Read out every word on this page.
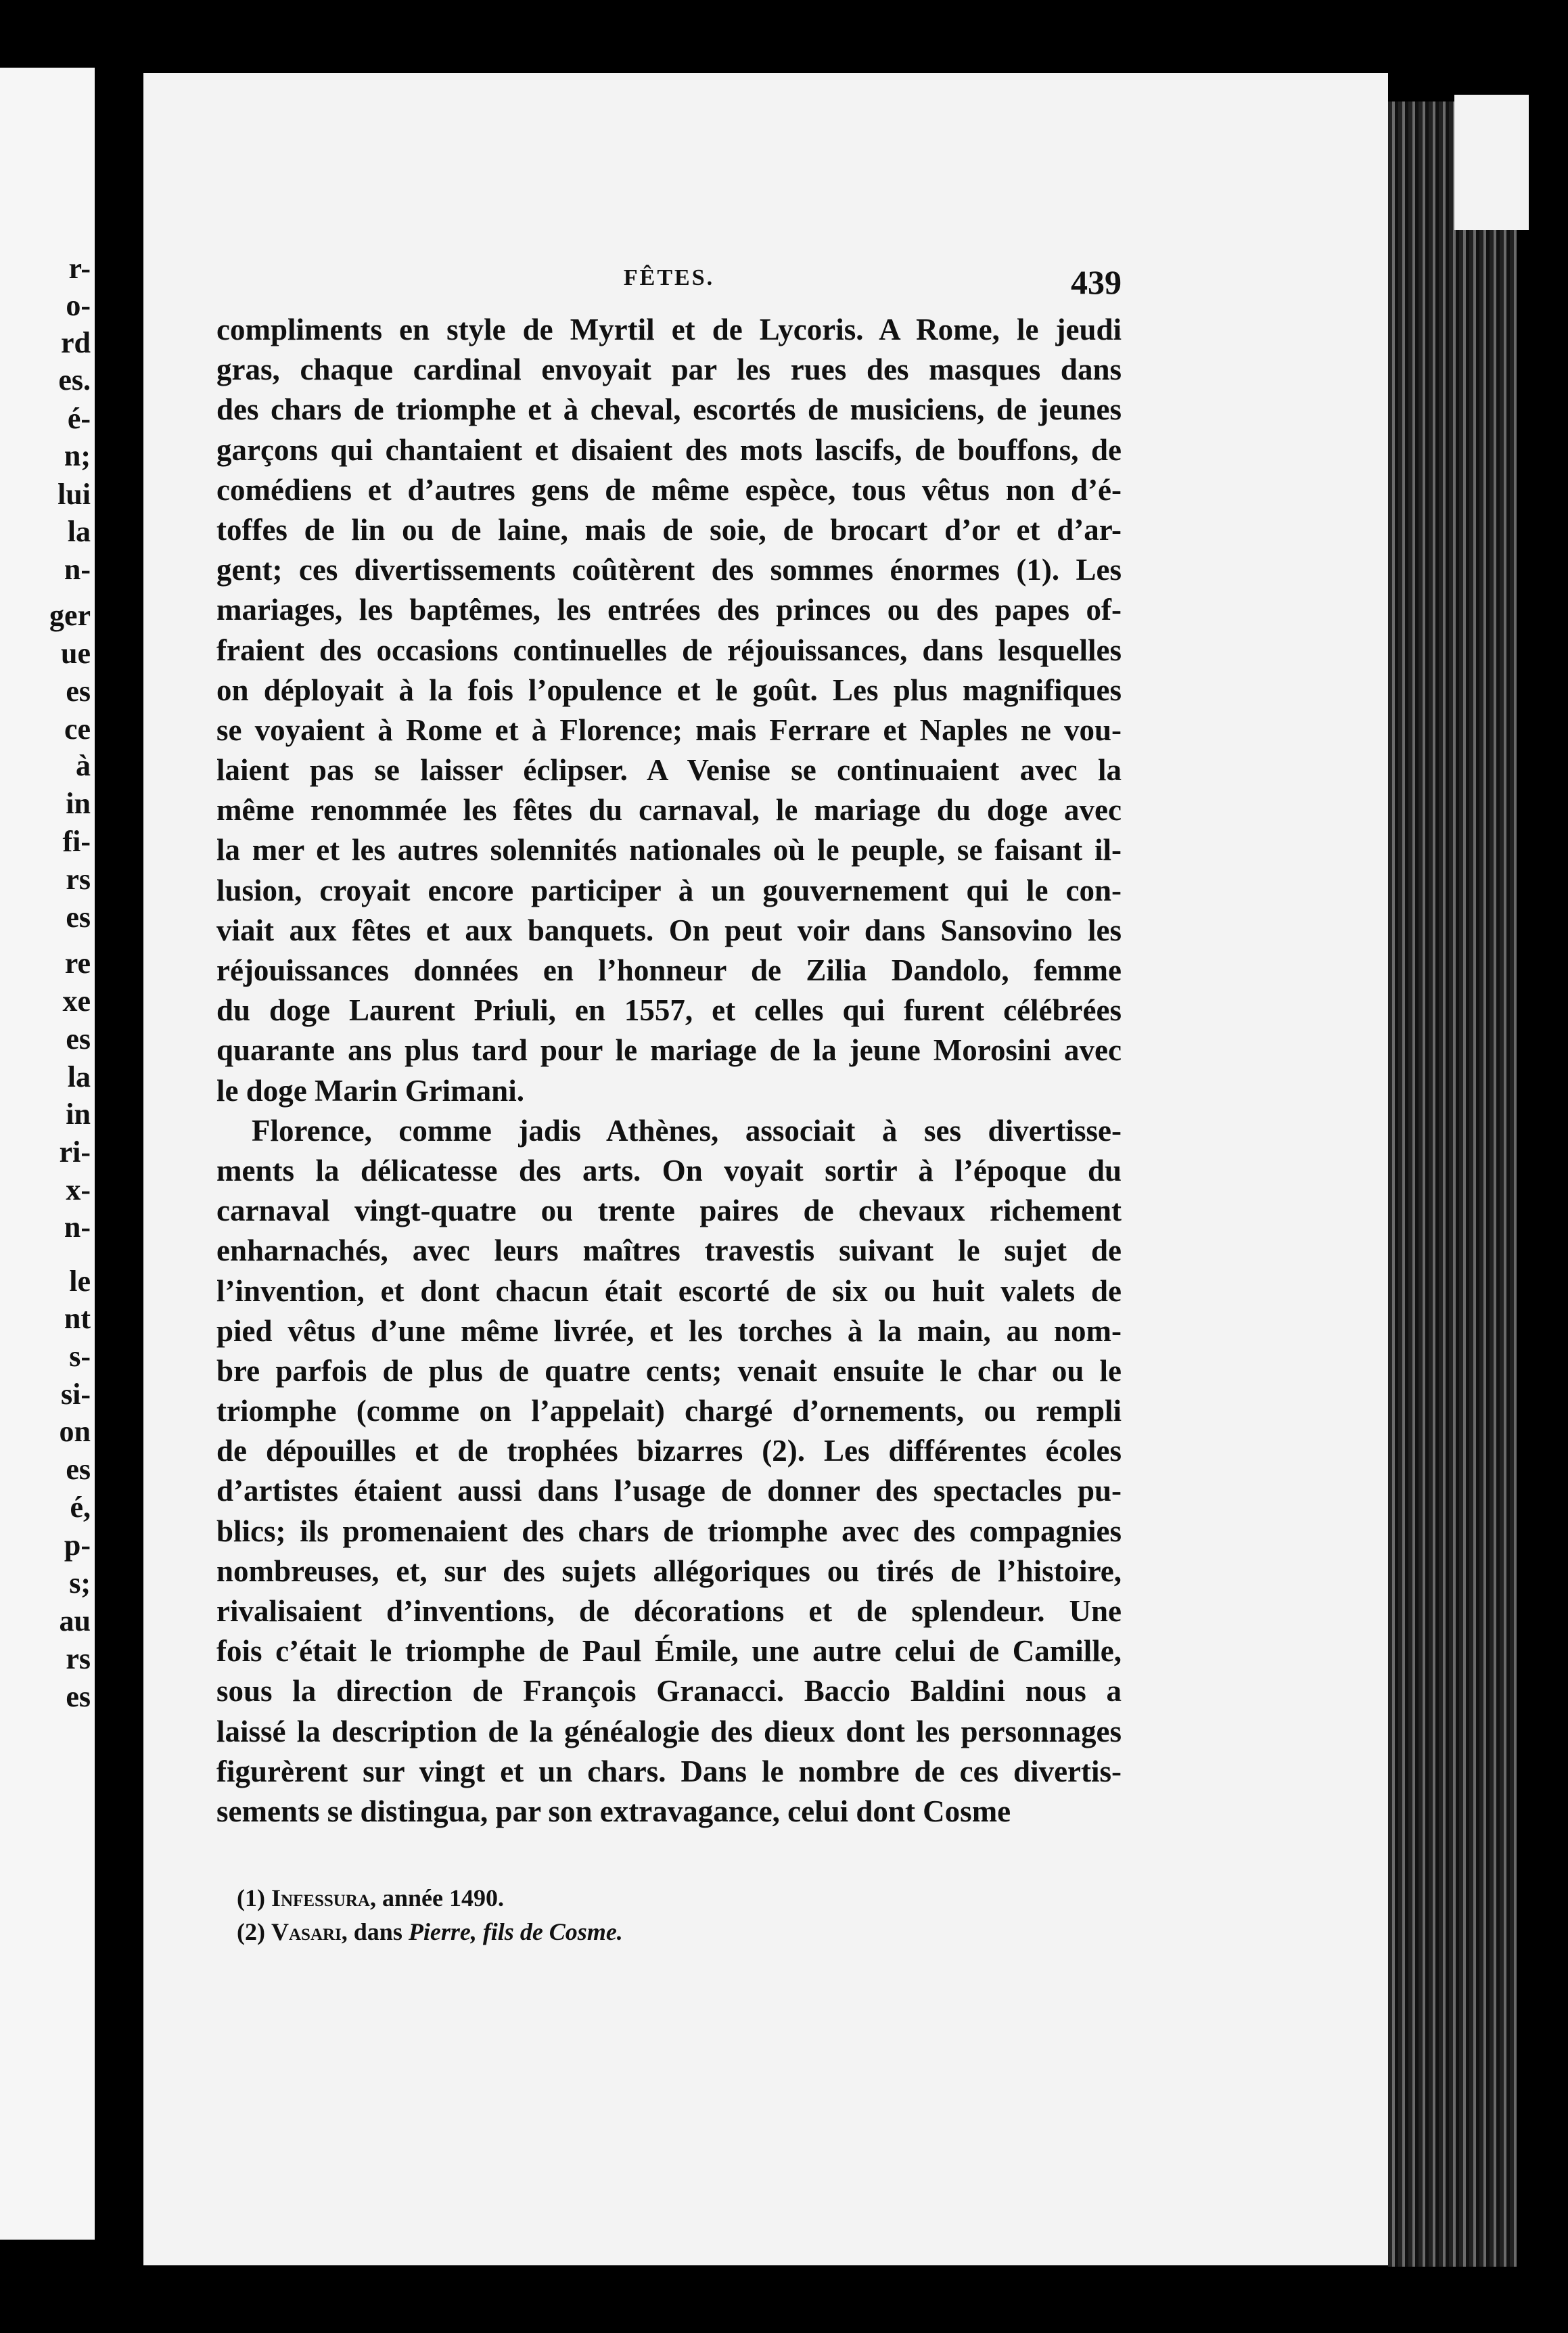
r-
o-
rd
es.
é-
n;
lui
la
n-
ger
ue
es
ce
à
in
fi-
rs
es
re
xe
es
la
in
ri-
x-
n-
le
nt
s-
si-
on
es
é,
p-
s;
au
rs
es
FÊTES.	439
compliments en style de Myrtil et de Lycoris. A Rome, le jeudi
gras, chaque cardinal envoyait par les rues des masques dans
des chars de triomphe et à cheval, escortés de musiciens, de jeunes
garçons qui chantaient et disaient des mots lascifs, de bouffons, de
comédiens et d’autres gens de même espèce, tous vêtus non d’é-
toffes de lin ou de laine, mais de soie, de brocart d’or et d’ar-
gent; ces divertissements coûtèrent des sommes énormes (1). Les
mariages, les baptêmes, les entrées des princes ou des papes of-
fraient des occasions continuelles de réjouissances, dans lesquelles
on déployait à la fois l’opulence et le goût. Les plus magnifiques
se voyaient à Rome et à Florence; mais Ferrare et Naples ne vou-
laient pas se laisser éclipser. A Venise se continuaient avec la
même renommée les fêtes du carnaval, le mariage du doge avec
la mer et les autres solennités nationales où le peuple, se faisant il-
lusion, croyait encore participer à un gouvernement qui le con-
viait aux fêtes et aux banquets. On peut voir dans Sansovino les
réjouissances données en l’honneur de Zilia Dandolo, femme
du doge Laurent Priuli, en 1557, et celles qui furent célébrées
quarante ans plus tard pour le mariage de la jeune Morosini avec
le doge Marin Grimani.
Florence, comme jadis Athènes, associait à ses divertisse-
ments la délicatesse des arts. On voyait sortir à l’époque du
carnaval vingt-quatre ou trente paires de chevaux richement
enharnachés, avec leurs maîtres travestis suivant le sujet de
l’invention, et dont chacun était escorté de six ou huit valets de
pied vêtus d’une même livrée, et les torches à la main, au nom-
bre parfois de plus de quatre cents; venait ensuite le char ou le
triomphe (comme on l’appelait) chargé d’ornements, ou rempli
de dépouilles et de trophées bizarres (2). Les différentes écoles
d’artistes étaient aussi dans l’usage de donner des spectacles pu-
blics; ils promenaient des chars de triomphe avec des compagnies
nombreuses, et, sur des sujets allégoriques ou tirés de l’histoire,
rivalisaient d’inventions, de décorations et de splendeur. Une
fois c’était le triomphe de Paul Émile, une autre celui de Camille,
sous la direction de François Granacci. Baccio Baldini nous a
laissé la description de la généalogie des dieux dont les personnages
figurèrent sur vingt et un chars. Dans le nombre de ces divertis-
sements se distingua, par son extravagance, celui dont Cosme
(1) Infessura, année 1490.
(2) Vasari, dans Pierre, fils de Cosme.
